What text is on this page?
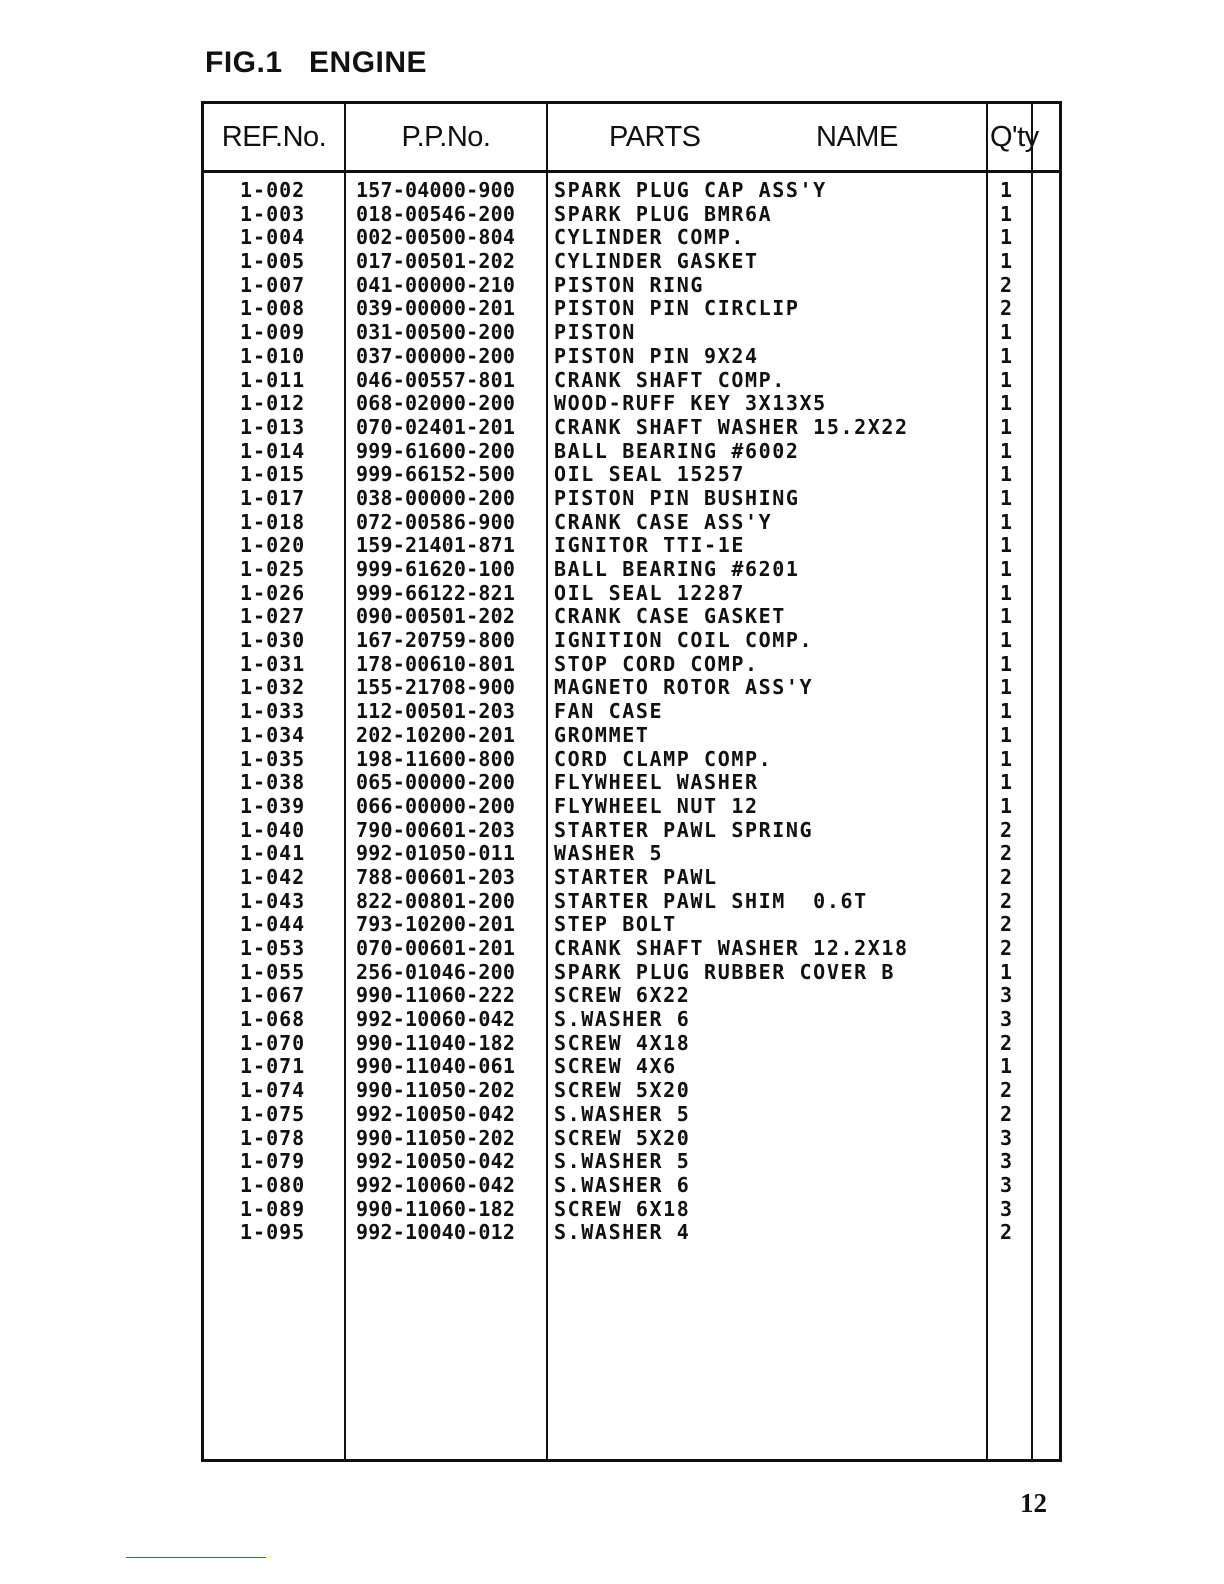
FIG.1 ENGINE
REF.No.	P.P.No.	PARTS	NAME	Q'ty
1-002	157-04000-900	SPARK PLUG CAP ASS'Y	1
1-003	018-00546-200	SPARK PLUG BMR6A	1
1-004	002-00500-804	CYLINDER COMP.	1
1-005	017-00501-202	CYLINDER GASKET	1
1-007	041-00000-210	PISTON RING	2
1-008	039-00000-201	PISTON PIN CIRCLIP	2
1-009	031-00500-200	PISTON	1
1-010	037-00000-200	PISTON PIN 9X24	1
1-011	046-00557-801	CRANK SHAFT COMP.	1
1-012	068-02000-200	WOOD-RUFF KEY 3X13X5	1
1-013	070-02401-201	CRANK SHAFT WASHER 15.2X22	1
1-014	999-61600-200	BALL BEARING #6002	1
1-015	999-66152-500	OIL SEAL 15257	1
1-017	038-00000-200	PISTON PIN BUSHING	1
1-018	072-00586-900	CRANK CASE ASS'Y	1
1-020	159-21401-871	IGNITOR TTI-1E	1
1-025	999-61620-100	BALL BEARING #6201	1
1-026	999-66122-821	OIL SEAL 12287	1
1-027	090-00501-202	CRANK CASE GASKET	1
1-030	167-20759-800	IGNITION COIL COMP.	1
1-031	178-00610-801	STOP CORD COMP.	1
1-032	155-21708-900	MAGNETO ROTOR ASS'Y	1
1-033	112-00501-203	FAN CASE	1
1-034	202-10200-201	GROMMET	1
1-035	198-11600-800	CORD CLAMP COMP.	1
1-038	065-00000-200	FLYWHEEL WASHER	1
1-039	066-00000-200	FLYWHEEL NUT 12	1
1-040	790-00601-203	STARTER PAWL SPRING	2
1-041	992-01050-011	WASHER 5	2
1-042	788-00601-203	STARTER PAWL	2
1-043	822-00801-200	STARTER PAWL SHIM  0.6T	2
1-044	793-10200-201	STEP BOLT	2
1-053	070-00601-201	CRANK SHAFT WASHER 12.2X18	2
1-055	256-01046-200	SPARK PLUG RUBBER COVER B	1
1-067	990-11060-222	SCREW 6X22	3
1-068	992-10060-042	S.WASHER 6	3
1-070	990-11040-182	SCREW 4X18	2
1-071	990-11040-061	SCREW 4X6	1
1-074	990-11050-202	SCREW 5X20	2
1-075	992-10050-042	S.WASHER 5	2
1-078	990-11050-202	SCREW 5X20	3
1-079	992-10050-042	S.WASHER 5	3
1-080	992-10060-042	S.WASHER 6	3
1-089	990-11060-182	SCREW 6X18	3
1-095	992-10040-012	S.WASHER 4	2
12
